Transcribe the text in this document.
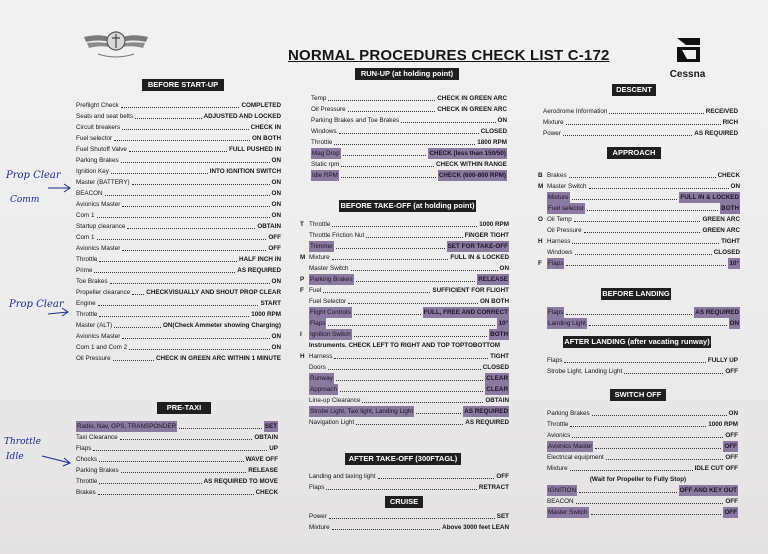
NORMAL PROCEDURES CHECK LIST C-172
Cessna
BEFORE START-UP
PRE-TAXI
RUN-UP (at holding point)
BEFORE TAKE-OFF (at holding point)
AFTER TAKE-OFF (300FTAGL)
CRUISE
DESCENT
APPROACH
BEFORE LANDING
AFTER LANDING (after vacating runway)
SWITCH OFF
Preflight Check	COMPLETED
Seats and seat belts	ADJUSTED AND LOCKED
Circuit breakers	CHECK IN
Fuel selector	ON BOTH
Fuel Shutoff Valve	FULL PUSHED IN
Parking Brakes	ON
Ignition Key	INTO IGNITION SWITCH
Master (BATTERY)	ON
BEACON	ON
Avionics Master	ON
Com 1	ON
Startup clearance	OBTAIN
Com 1	OFF
Avionics Master	OFF
Throttle	HALF INCH IN
Prime	AS REQUIRED
Toe Brakes	ON
Propeller clearance	CHECKVISUALLY AND SHOUT PROP CLEAR
Engine	START
Throttle	1000 RPM
Master (ALT)	ON(Check Ammeter showing Charging)
Avionics Master	ON
Com 1 and Com 2	ON
Oil Pressure	CHECK IN GREEN ARC WITHIN 1 MINUTE
Radio, Nav, GPS, TRANSPONDER	SET
Taxi Clearance	OBTAIN
Flaps	UP
Chocks	WAVE OFF
Parking Brakes	RELEASE
Throttle	AS REQUIRED TO MOVE
Brakes	CHECK
Temp	CHECK IN GREEN ARC
Oil Pressure	CHECK IN GREEN ARC
Parking Brakes and Toe Brakes	ON
Windows	CLOSED
Throttle	1800 RPM
Mag Drop	CHECK (less than 150/50)
Static rpm	CHECK WITHIN RANGE
Idle RPM	CHECK (600-800 RPM)
T Throttle	1000 RPM
Throttle Friction Nut	FINGER TIGHT
Trimmer	SET FOR TAKE-OFF
M Mixture	FULL IN & LOCKED
Master Switch	ON
P Parking Brakes	RELEASE
F Fuel	SUFFICIENT FOR FLIGHT
Fuel Selector	ON BOTH
Flight Controls	FULL, FREE AND CORRECT
Flaps	10°
I	Ignition Switch	BOTH
Instruments. CHECK LEFT TO RIGHT AND TOP TOPTOBOTTOM
H Harness	TIGHT
Doors	CLOSED
Runway	CLEAR
Approach	CLEAR
Line-up Clearance	OBTAIN
Strobe Light, Taxi light, Landing Light	AS REQUIRED
Navigation Light	AS REQUIRED
Landing and taxing light	OFF
Flaps	RETRACT
Power	SET
Mixture	Above 3000 feet LEAN
Aerodrome Information	RECEIVED
Mixture	RICH
Power	AS REQUIRED
B Brakes	CHECK
M Master Switch	ON
Mixture	FULL IN & LOCKED
Fuel selector	BOTH
O Oil Temp	GREEN ARC
Oil Pressure	GREEN ARC
H Harness	TIGHT
Windows	CLOSED
F Flaps	10°
Flaps	AS REQUIRED
Landing Light	ON
Flaps	FULLY UP
Strobe Light, Landing Light	OFF
Parking Brakes	ON
Throttle	1000 RPM
Avionics	OFF
Avionics Master	OFF
Electrical equipment	OFF
Mixture	IDLE CUT OFF
(Wait for Propeller to Fully Stop)
IGNITION	OFF AND KEY OUT
BEACON	OFF
Master Switch	OFF
Prop Clear
Comm
Prop Clear
Throttle
Idle
